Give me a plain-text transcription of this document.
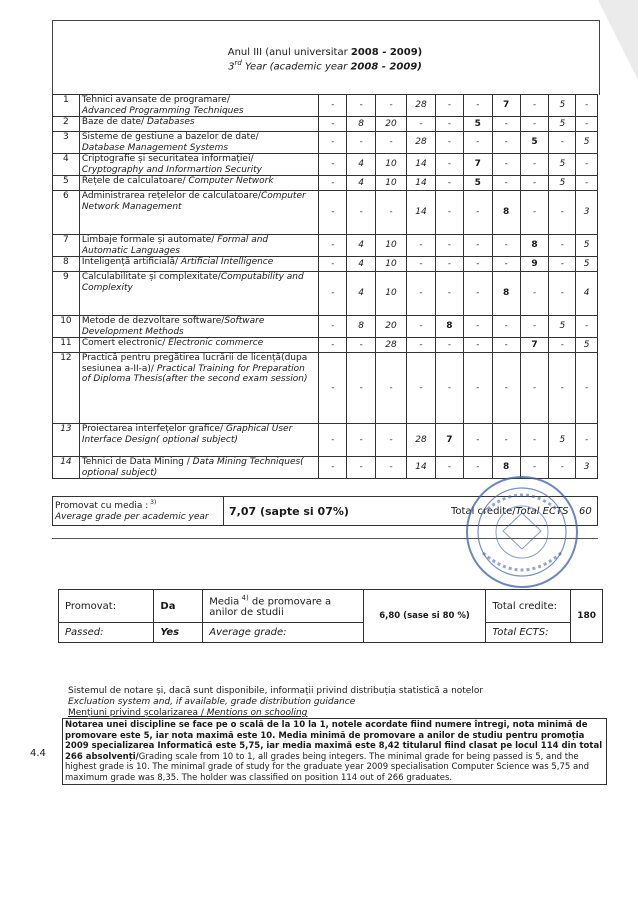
Anul III (anul universitar 2008 - 2009)
3rd Year (academic year 2008 - 2009)
1	Tehnici avansate de programare/
Advanced Programming Techniques	-	-	-	28	-	-	7	-	5	-
2	Baze de date/ Databases	-	8	20	-	-	5	-	-	5	-
3	Sisteme de gestiune a bazelor de date/
Database Management Systems	-	-	-	28	-	-	-	5	-	5
4	Criptografie și securitatea informației/
Cryptography and Informartion Security	-	4	10	14	-	7	-	-	5	-
5	Rețele de calculatoare/ Computer Network	-	4	10	14	-	5	-	-	5	-
6	Administrarea rețelelor de calculatoare/Computer Network Management	-	-	-	14	-	-	8	-	-	3
7	Limbaje formale și automate/ Formal and Automatic Languages	-	4	10	-	-	-	-	8	-	5
8	Inteligență artificială/ Artificial Intelligence	-	4	10	-	-	-	-	9	-	5
9	Calculabilitate și complexitate/Computability and Complexity	-	4	10	-	-	-	8	-	-	4
10	Metode de dezvoltare software/Software Development Methods	-	8	20	-	8	-	-	-	5	-
11	Comert electronic/ Electronic commerce	-	-	28	-	-	-	-	7	-	5
12	Practică pentru pregătirea lucrării de licență(dupa sesiunea a-II-a)/ Practical Training for Preparation of Diploma Thesis(after the second exam session)	-	-	-	-	-	-	-	-	-	-
13	Proiectarea interfețelor grafice/ Graphical User Interface Design( optional subject)	-	-	-	28	7	-	-	-	5	-
14	Tehnici de Data Mining / Data Mining Techniques( optional subject)	-	-	-	14	-	-	8	-	-	3
Promovat cu media : $^{3)}$
Average grade per academic year 7,07 (sapte si 07%)	Total credite/Total ECTS 60
Promovat:	Da	Media $^{4)}$ de promovare a anilor de studii	6,80 (sase si 80 %)	Total credite:	180
Passed:	Yes	Average grade:		Total ECTS:	
Sistemul de notare și, dacă sunt disponibile, informații privind distribuția statistică a notelor
Excluation system and, if available, grade distribution guidance
Mențiuni privind școlarizarea / Mentions on schooling
4.4
Notarea unei discipline se face pe o scală de la 10 la 1, notele acordate fiind numere întregi, nota minimă de promovare este 5, iar nota maximă este 10. Media minimă de promovare a anilor de studiu pentru promoția 2009 specializarea Informatică este 5,75, iar media maximă este 8,42 titularul fiind clasat pe locul 114 din total 266 absolvenți/Grading scale from 10 to 1, all grades being integers. The minimal grade for being passed is 5, and the highest grade is 10. The minimal grade of study for the graduate year 2009 specialisation Computer Science was 5,75 and maximum grade was 8,35. The holder was classified on position 114 out of 266 graduates.
